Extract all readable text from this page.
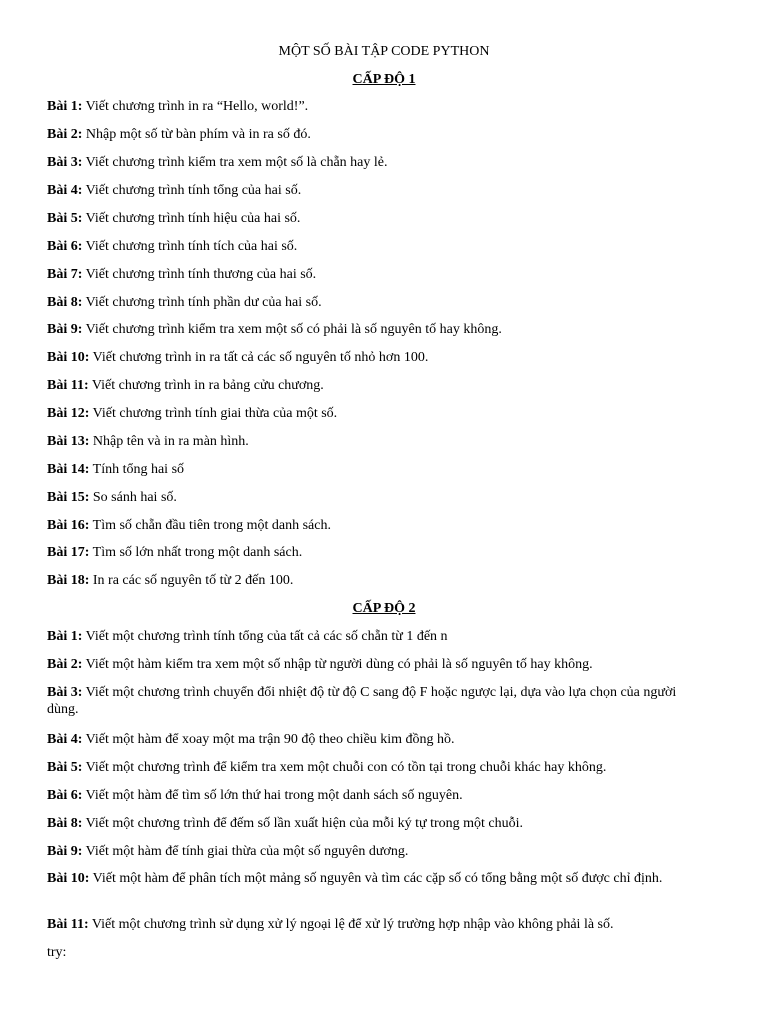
MỘT SỐ BÀI TẬP CODE PYTHON
CẤP ĐỘ 1
Bài 1: Viết chương trình in ra “Hello, world!”.
Bài 2: Nhập một số từ bàn phím và in ra số đó.
Bài 3: Viết chương trình kiểm tra xem một số là chẵn hay lẻ.
Bài 4: Viết chương trình tính tổng của hai số.
Bài 5: Viết chương trình tính hiệu của hai số.
Bài 6: Viết chương trình tính tích của hai số.
Bài 7: Viết chương trình tính thương của hai số.
Bài 8: Viết chương trình tính phần dư của hai số.
Bài 9: Viết chương trình kiểm tra xem một số có phải là số nguyên tố hay không.
Bài 10: Viết chương trình in ra tất cả các số nguyên tố nhỏ hơn 100.
Bài 11: Viết chương trình in ra bảng cửu chương.
Bài 12: Viết chương trình tính giai thừa của một số.
Bài 13: Nhập tên và in ra màn hình.
Bài 14: Tính tổng hai số
Bài 15: So sánh hai số.
Bài 16: Tìm số chẵn đầu tiên trong một danh sách.
Bài 17: Tìm số lớn nhất trong một danh sách.
Bài 18: In ra các số nguyên tố từ 2 đến 100.
CẤP ĐỘ 2
Bài 1: Viết một chương trình tính tổng của tất cả các số chẵn từ 1 đến n
Bài 2: Viết một hàm kiểm tra xem một số nhập từ người dùng có phải là số nguyên tố hay không.
Bài 3: Viết một chương trình chuyển đổi nhiệt độ từ độ C sang độ F hoặc ngược lại, dựa vào lựa chọn của người dùng.
Bài 4: Viết một hàm để xoay một ma trận 90 độ theo chiều kim đồng hồ.
Bài 5: Viết một chương trình để kiểm tra xem một chuỗi con có tồn tại trong chuỗi khác hay không.
Bài 6: Viết một hàm để tìm số lớn thứ hai trong một danh sách số nguyên.
Bài 8: Viết một chương trình để đếm số lần xuất hiện của mỗi ký tự trong một chuỗi.
Bài 9: Viết một hàm để tính giai thừa của một số nguyên dương.
Bài 10: Viết một hàm để phân tích một mảng số nguyên và tìm các cặp số có tổng bằng một số được chỉ định.
Bài 11: Viết một chương trình sử dụng xử lý ngoại lệ để xử lý trường hợp nhập vào không phải là số.
try:
